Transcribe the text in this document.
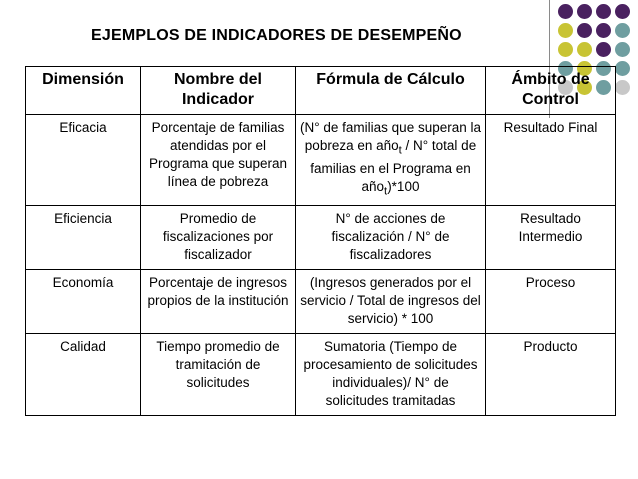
EJEMPLOS DE INDICADORES DE DESEMPEÑO
Dimensión	Nombre del Indicador	Fórmula de Cálculo	Ámbito de Control
Eficacia	Porcentaje de familias atendidas por el Programa que superan línea de pobreza	(N° de familias que superan la pobreza en año$_t$ / N° total de familias en el Programa en año$_t$)*100	Resultado Final
Eficiencia	Promedio de fiscalizaciones por fiscalizador	N° de acciones de fiscalización / N° de fiscalizadores	Resultado Intermedio
Economía	Porcentaje de ingresos propios de la institución	(Ingresos generados por el servicio / Total de ingresos del servicio) * 100	Proceso
Calidad	Tiempo promedio de tramitación de solicitudes	Sumatoria (Tiempo de procesamiento de solicitudes individuales)/ N° de solicitudes tramitadas	Producto
